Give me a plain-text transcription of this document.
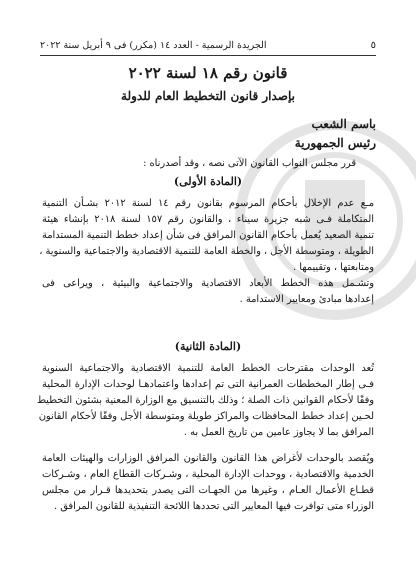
٥
الجريدة الرسمية - العدد ١٤ (مكرر) فى ٩ أبريل سنة ٢٠٢٢
قانون رقم ١٨ لسنة ٢٠٢٢
بإصدار قانون التخطيط العام للدولة
باسم الشعب
رئيس الجمهورية
قرر مجلس النواب القانون الآتى نصه ، وقد أصدرناه :
(المادة الأولى)
مـع عدم الإخلال بأحكام المرسوم بقانون رقم ١٤ لسنة ٢٠١٢ بشـأن التنمية
المتكاملة فـى شبه جزيرة سيناء ، والقانون رقم ١٥٧ لسنة ٢٠١٨ بإنشاء هيئة
تنمية الصعيد يُعمل بأحكام القانون المرافق فى شأن إعداد خطط التنمية المستدامة
الطويلة ، ومتوسطة الأجل ، والخطة العامة للتنمية الاقتصادية والاجتماعية والسنوية ،
ومتابعتها ، وتقييمها .
وتشـمل هذه الخطط الأبعاد الاقتصادية والاجتماعية والبيئية ، ويراعى فى
إعدادها مبادئ ومعايير الاستدامة .
(المادة الثانية)
تُعد الوحدات مقترحات الخطط العامة للتنمية الاقتصادية والاجتماعية السنوية
فـى إطار المخططات العمرانية التى تم إعدادها واعتمادهـا لوحدات الإدارة المحلية
وفقًا لأحكام القوانين ذات الصلة ؛ وذلك بالتنسيق مع الوزارة المعنية بشئون التخطيط
لحـين إعداد خطط المحافظات والمراكز طويلة ومتوسطة الأجل وفقًا لأحكام القانون
المرافق بما لا يجاوز عامين من تاريخ العمل به .
ويُقصد بالوحدات لأغراض هذا القانون والقانون المرافق الوزارات والهيئات العامة
الخدمية والاقتصادية ، ووحدات الإدارة المحلية ، وشـركات القطاع العام ، وشـركات
قطـاع الأعمال العـام ، وغيرها من الجهـات التى يصدر بتحديدها قـرار من مجلس
الوزراء متى توافرت فيها المعايير التى تحددها اللائحة التنفيذية للقانون المرافق .
